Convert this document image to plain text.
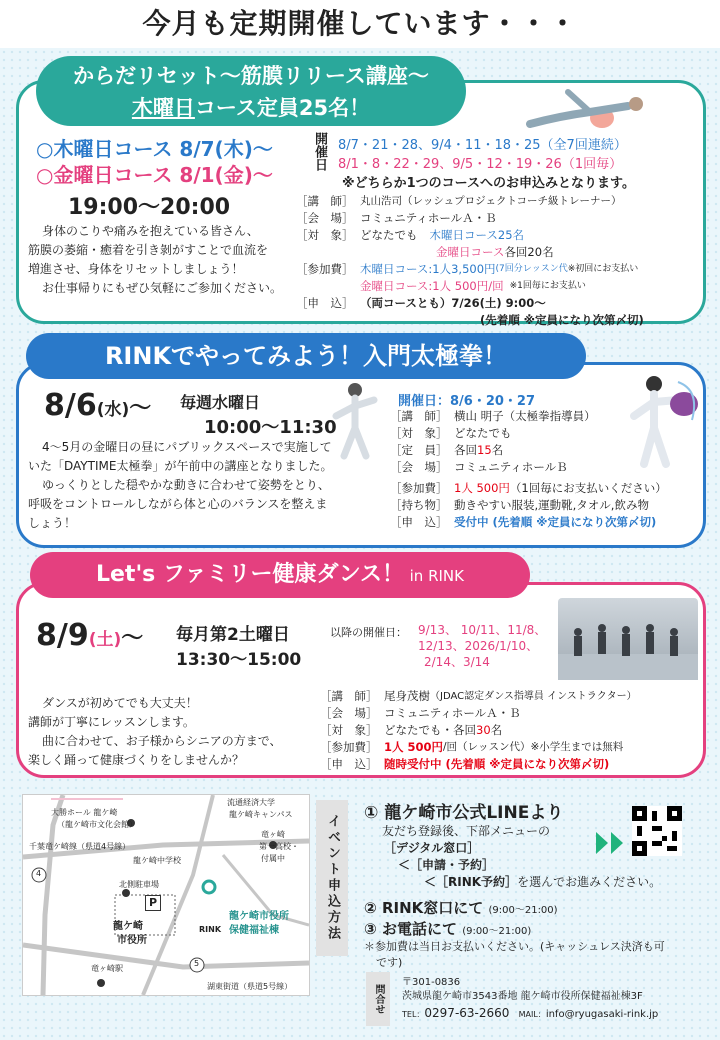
今月も定期開催しています・・・
からだリセット〜筋膜リリース講座〜
木曜日コース定員25名！
○木曜日コース 8/7(木)〜
○金曜日コース 8/1(金)〜
19:00〜20:00
開催日 8/7・21・28、9/4・11・18・25（全7回連続）
8/1・8・22・29、9/5・12・19・26（1回毎）
※どちらか1つのコースへのお申込みとなります。
身体のこりや痛みを抱えている皆さん、
筋膜の萎縮・癒着を引き剝がすことで血流を
増進させ、身体をリセットしましょう！
お仕事帰りにもぜひ気軽にご参加ください。
［講　師］ 丸山浩司（レッシュプロジェクトコーチ級トレーナー）
［会　場］ コミュニティホールＡ・Ｂ
［対　象］ どなたでも 木曜日コース25名
金曜日コース 各回20名
［参加費］ 木曜日コース:1人3,500円 (7回分レッスン代 ※初回にお支払い
金曜日コース:1人 500円/回 ※1回毎にお支払い
［申　込］ （両コースとも）7/26(土) 9:00〜
(先着順 ※定員になり次第〆切)
RINKでやってみよう！入門太極拳！
8/6(水)〜 毎週水曜日
10:00〜11:30
開催日：8/6・20・27
［講　師］ 横山 明子（太極拳指導員）
［対　象］ どなたでも
［定　員］ 各回 15 名
［会　場］ コミュニティホールＢ
［参加費］ 1人 500円 （1回毎にお支払いください）
［持ち物］ 動きやすい服装,運動靴,タオル,飲み物
［申　込］ 受付中 (先着順 ※定員になり次第〆切)
4〜5月の金曜日の昼にパブリックスペースで実施して
いた「DAYTIME太極拳」が午前中の講座となりました。
ゆっくりとした穏やかな動きに合わせて姿勢をとり、
呼吸をコントロールしながら体と心のバランスを整えま
しょう！
Let's ファミリー健康ダンス！ in RINK
8/9(土)〜 毎月第2土曜日
13:30〜15:00
以降の開催日： 9/13、 10/11、11/8、
12/13、2026/1/10、
2/14、3/14
ダンスが初めてでも大丈夫！
講師が丁寧にレッスンします。
曲に合わせて、お子様からシニアの方まで、
楽しく踊って健康づくりをしませんか？
［講　師］ 尾身茂樹 （JDAC認定ダンス指導員 インストラクター）
［会　場］ コミュニティホールＡ・Ｂ
［対　象］ どなたでも・各回 30 名
［参加費］ 1人 500円 /回（レッスン代）※小学生までは無料
［申　込］ 随時受付中 (先着順 ※定員になり次第〆切)
大勝ホール 龍ケ崎
（龍ケ崎市文化会館）
流通経済大学
龍ケ崎キャンパス
千葉竜ケ崎線（県道4号線）
龍ケ崎中学校
竜ヶ崎
第一高校・
付属中
北側駐車場
P
龍ケ崎
市役所
龍ケ崎市役所
保健福祉棟
RINK
竜ヶ崎駅
湖東街道（県道5号線）
4
5
イベント申込方法
① 龍ケ崎市公式LINEより
友だち登録後、下部メニューの
［デジタル窓口］
＜［申請・予約］
＜［RINK予約］を選んでお進みください。
② RINK窓口にて (9:00〜21:00)
③ お電話にて (9:00〜21:00)
＊参加費は当日お支払いください。(キャッシュレス決済も可
です)
問合せ
〒301-0836
茨城県龍ケ崎市3543番地 龍ケ崎市役所保健福祉棟3F
TEL：0297-63-2660 MAIL：info@ryugasaki-rink.jp
